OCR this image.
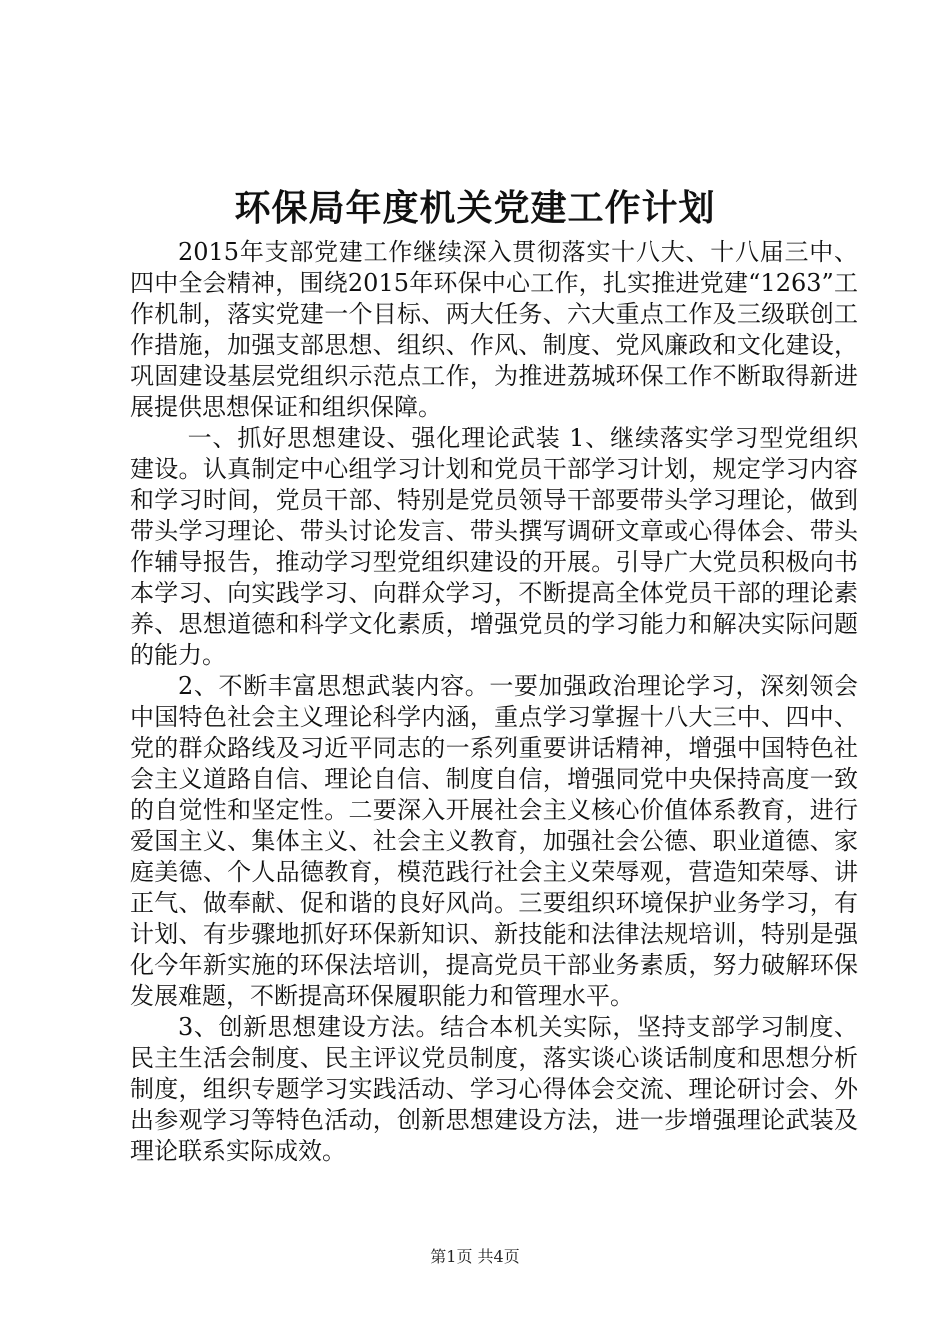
环保局年度机关党建工作计划

2015年支部党建工作继续深入贯彻落实十八大、十八届三中、四中全会精神，围绕2015年环保中心工作，扎实推进党建“1263”工作机制，落实党建一个目标、两大任务、六大重点工作及三级联创工作措施，加强支部思想、组织、作风、制度、党风廉政和文化建设，巩固建设基层党组织示范点工作，为推进荔城环保工作不断取得新进展提供思想保证和组织保障。

一、抓好思想建设、强化理论武装 1、继续落实学习型党组织建设。认真制定中心组学习计划和党员干部学习计划，规定学习内容和学习时间，党员干部、特别是党员领导干部要带头学习理论，做到带头学习理论、带头讨论发言、带头撰写调研文章或心得体会、带头作辅导报告，推动学习型党组织建设的开展。引导广大党员积极向书本学习、向实践学习、向群众学习，不断提高全体党员干部的理论素养、思想道德和科学文化素质，增强党员的学习能力和解决实际问题的能力。

2、不断丰富思想武装内容。一要加强政治理论学习，深刻领会中国特色社会主义理论科学内涵，重点学习掌握十八大三中、四中、党的群众路线及习近平同志的一系列重要讲话精神，增强中国特色社会主义道路自信、理论自信、制度自信，增强同党中央保持高度一致的自觉性和坚定性。二要深入开展社会主义核心价值体系教育，进行爱国主义、集体主义、社会主义教育，加强社会公德、职业道德、家庭美德、个人品德教育，模范践行社会主义荣辱观，营造知荣辱、讲正气、做奉献、促和谐的良好风尚。三要组织环境保护业务学习，有计划、有步骤地抓好环保新知识、新技能和法律法规培训，特别是强化今年新实施的环保法培训，提高党员干部业务素质，努力破解环保发展难题，不断提高环保履职能力和管理水平。

3、创新思想建设方法。结合本机关实际，坚持支部学习制度、民主生活会制度、民主评议党员制度，落实谈心谈话制度和思想分析制度，组织专题学习实践活动、学习心得体会交流、理论研讨会、外出参观学习等特色活动，创新思想建设方法，进一步增强理论武装及理论联系实际成效。

第1页 共4页
